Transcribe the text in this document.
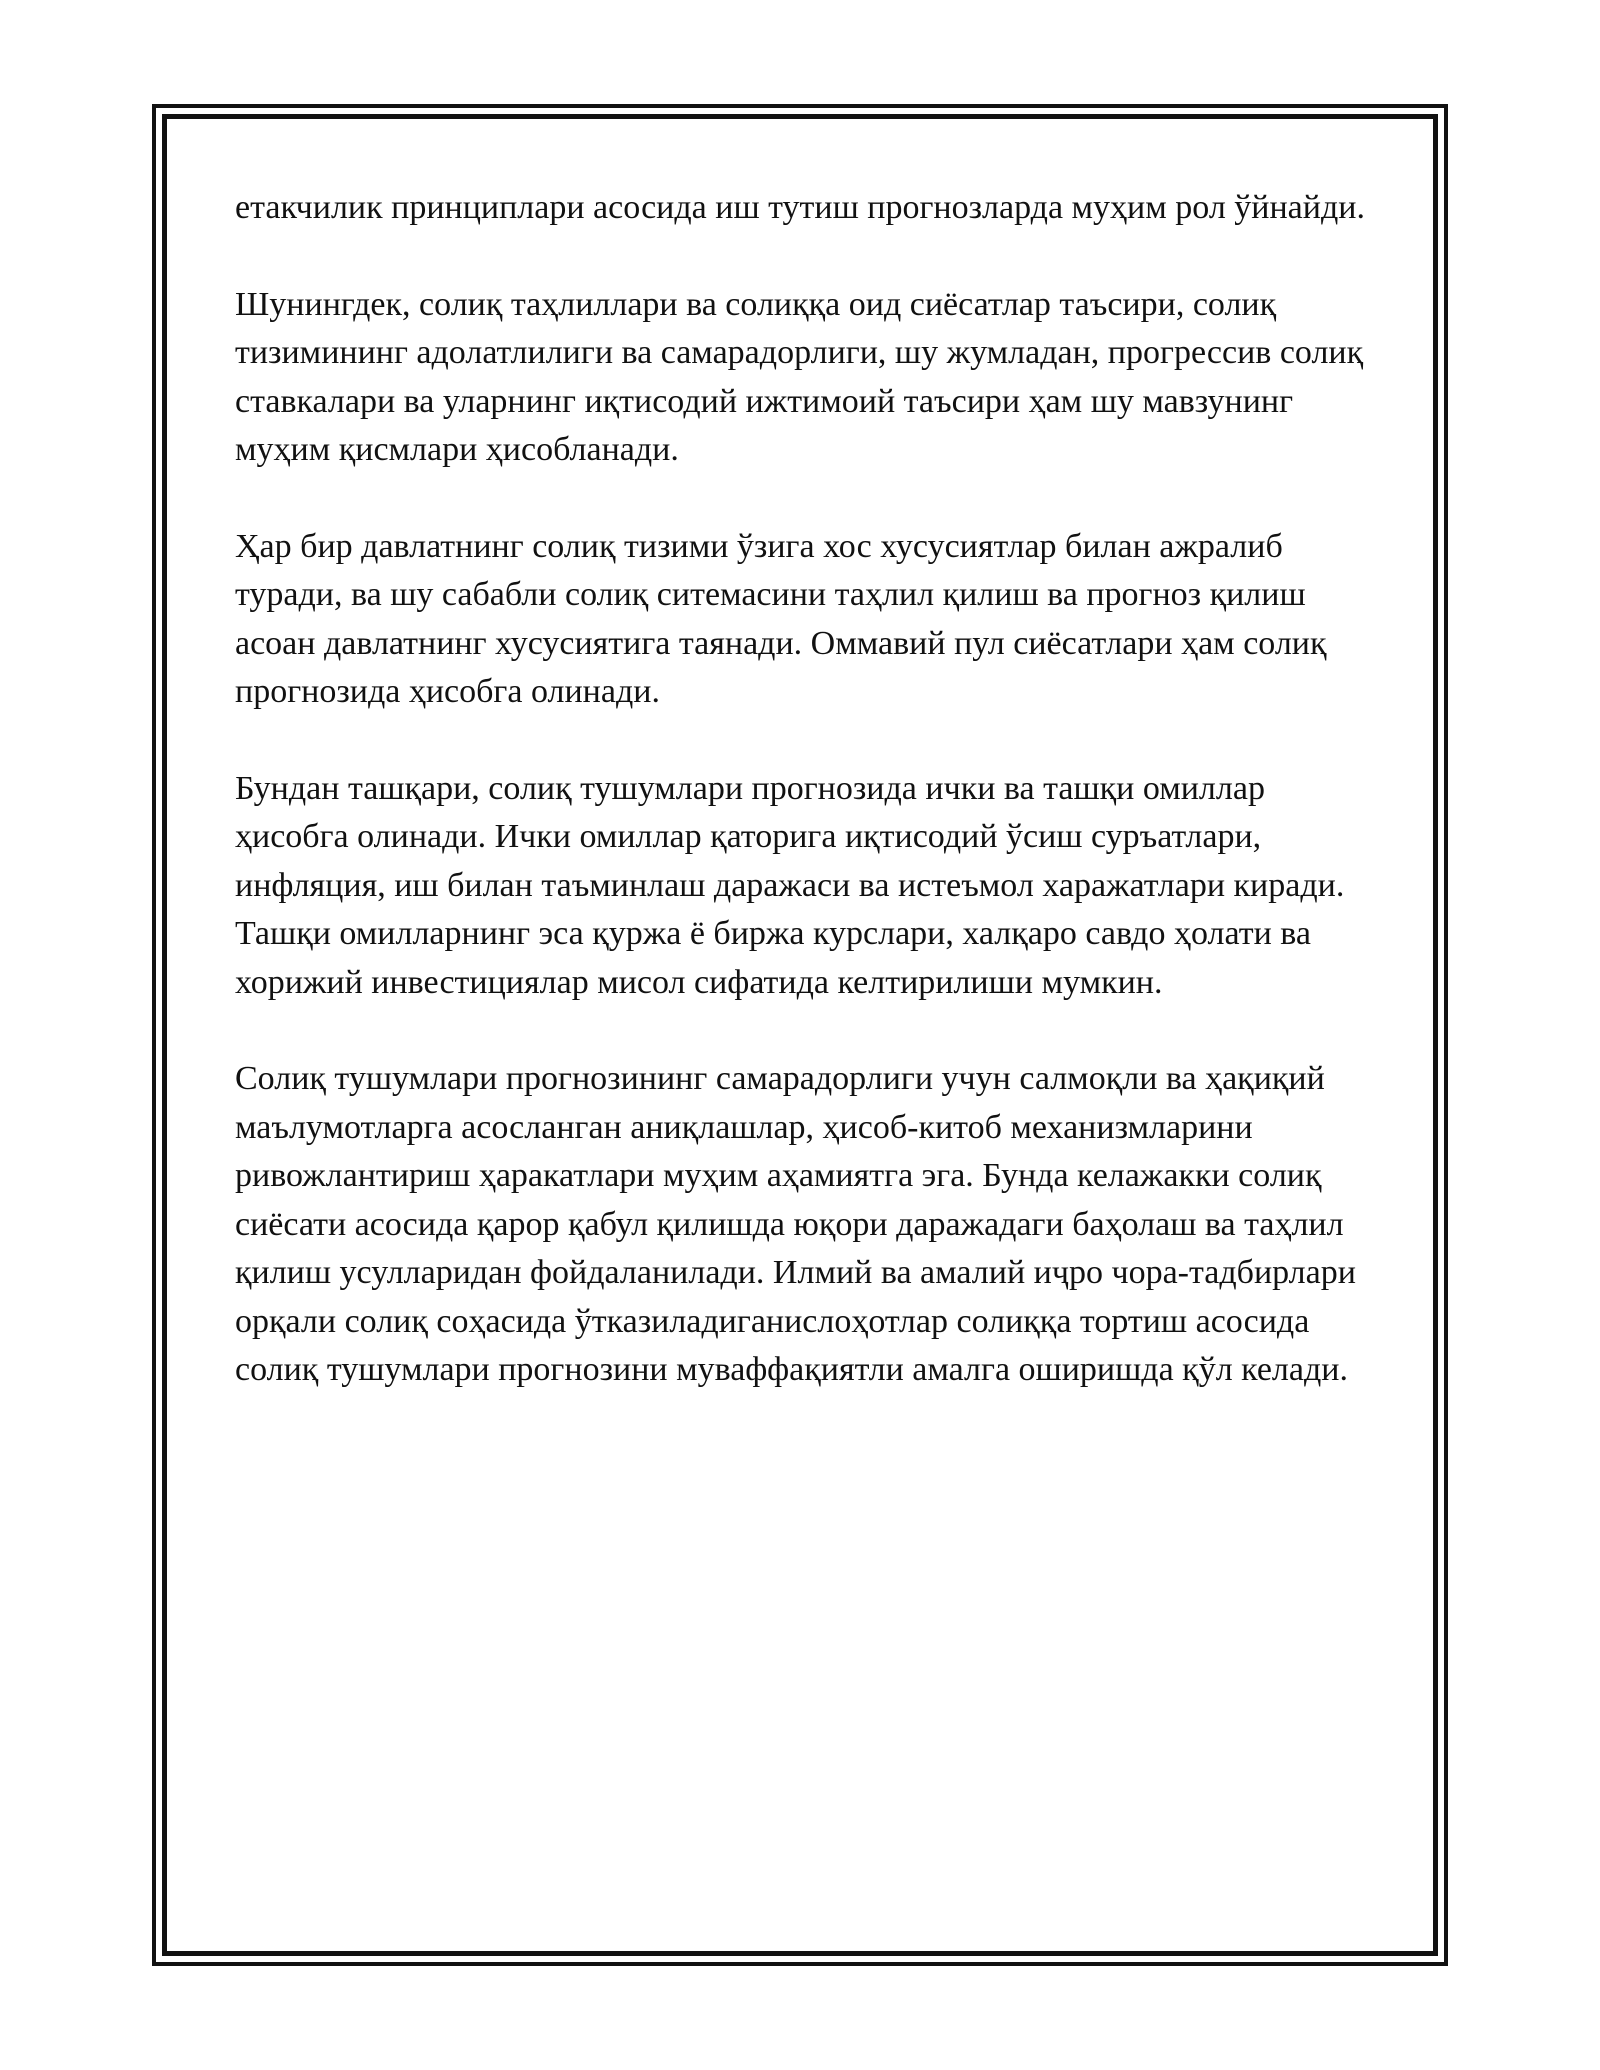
етакчилик принциплари асосида иш тутиш прогнозларда муҳим рол ўйнайди.

Шунингдек, солиқ таҳлиллари ва солиққа оид сиёсатлар таъсири, солиқ тизимининг адолатлилиги ва самарадорлиги, шу жумладан, прогрессив солиқ ставкалари ва уларнинг иқтисодий ижтимоий таъсири ҳам шу мавзунинг муҳим қисмлари ҳисобланади.

Ҳар бир давлатнинг солиқ тизими ўзига хос хусусиятлар билан ажралиб туради, ва шу сабабли солиқ ситемасини таҳлил қилиш ва прогноз қилиш асоан давлатнинг хусусиятига таянади. Оммавий пул сиёсатлари ҳам солиқ прогнозида ҳисобга олинади.

Бундан ташқари, солиқ тушумлари прогнозида ички ва ташқи омиллар ҳисобга олинади. Ички омиллар қаторига иқтисодий ўсиш суръатлари, инфляция, иш билан таъминлаш даражаси ва истеъмол харажатлари киради. Ташқи омилларнинг эса қуржа ё биржа курслари, халқаро савдо ҳолати ва хорижий инвестициялар мисол сифатида келтирилиши мумкин.

Солиқ тушумлари прогнозининг самарадорлиги учун салмоқли ва ҳақиқий маълумотларга асосланган аниқлашлар, ҳисоб-китоб механизмларини ривожлантириш ҳаракатлари муҳим аҳамиятга эга. Бунда келажакки солиқ сиёсати асосида қарор қабул қилишда юқори даражадаги баҳолаш ва таҳлил қилиш усулларидан фойдаланилади. Илмий ва амалий иҷро чора-тадбирлари орқали солиқ соҳасида ўтказиладиганислоҳотлар солиққа тортиш асосида солиқ тушумлари прогнозини муваффақиятли амалга оширишда қўл келади.
